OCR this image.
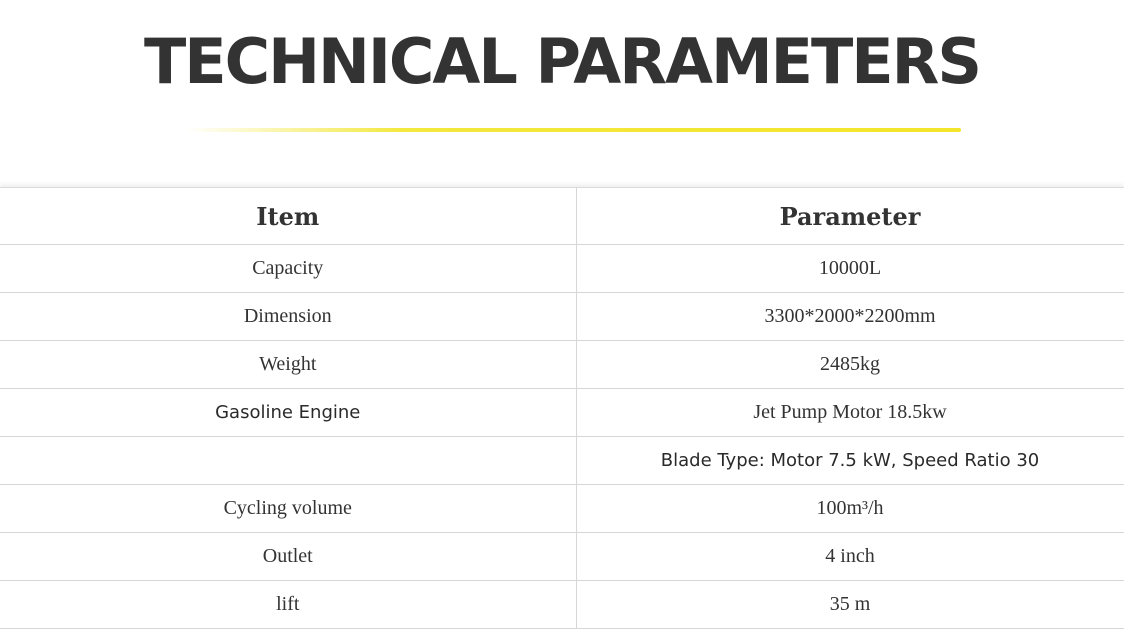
TECHNICAL PARAMETERS
Item	Parameter
Capacity	10000L
Dimension	3300*2000*2200mm
Weight	2485kg
Gasoline Engine	Jet Pump Motor 18.5kw
	Blade Type: Motor 7.5 kW, Speed Ratio 30
Cycling volume	100m³/h
Outlet	4 inch
lift	35 m
